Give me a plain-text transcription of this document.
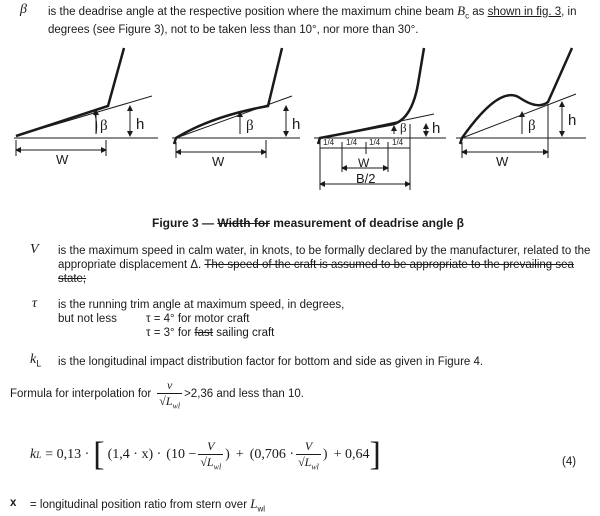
β is the deadrise angle at the respective position where the maximum chine beam $B_c$ as shown in fig. 3, in
degrees (see Figure 3), not to be taken less than 10°, nor more than 30°.
β h
W
β	h
W
β h
1/4 1/4 1/4 1/4
W
B/2
β h
W
Figure 3 — Width for measurement of deadrise angle β
V is the maximum speed in calm water, in knots, to be formally declared by the manufacturer, related to the
appropriate displacement Δ. The speed of the craft is assumed to be appropriate to the prevailing sea
state;
τ is the running trim angle at maximum speed, in degrees,
but not less	τ = 4° for motor craft
τ = 3° for fast sailing craft
$k_L$ is the longitudinal impact distribution factor for bottom and side as given in Figure 4.
Formula for interpolation for $\frac{v}{√L_{wl}} >2,36$ and less than 10.
k L = 0,13 · [ $(1,4 \cdot x) \cdot (10 - \frac{V}{√L_{wl}}$ ) + ($0,706 \cdot \frac{V}{√L_{wl}}$ ) + 0,64 ]	(4)
x = longitudinal position ratio from stern over $L_{wl}$
